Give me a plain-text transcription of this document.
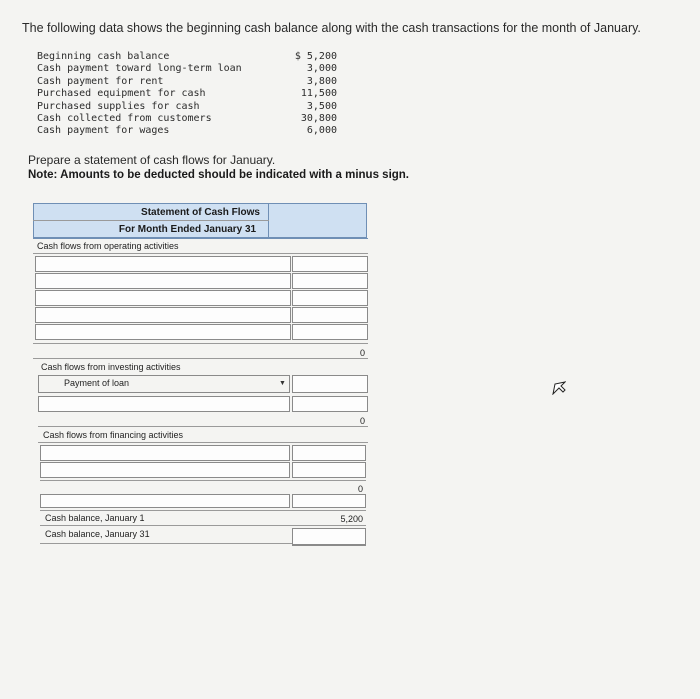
The following data shows the beginning cash balance along with the cash transactions for the month of January.
Beginning cash balance	$ 5,200
Cash payment toward long-term loan	3,000
Cash payment for rent	3,800
Purchased equipment for cash	11,500
Purchased supplies for cash	3,500
Cash collected from customers	30,800
Cash payment for wages	6,000
Prepare a statement of cash flows for January.
Note: Amounts to be deducted should be indicated with a minus sign.
Statement of Cash Flows
For Month Ended January 31
Cash flows from operating activities
0
Cash flows from investing activities
Payment of loan	▼
0
Cash flows from financing activities
0
Cash balance, January 1	5,200
Cash balance, January 31
